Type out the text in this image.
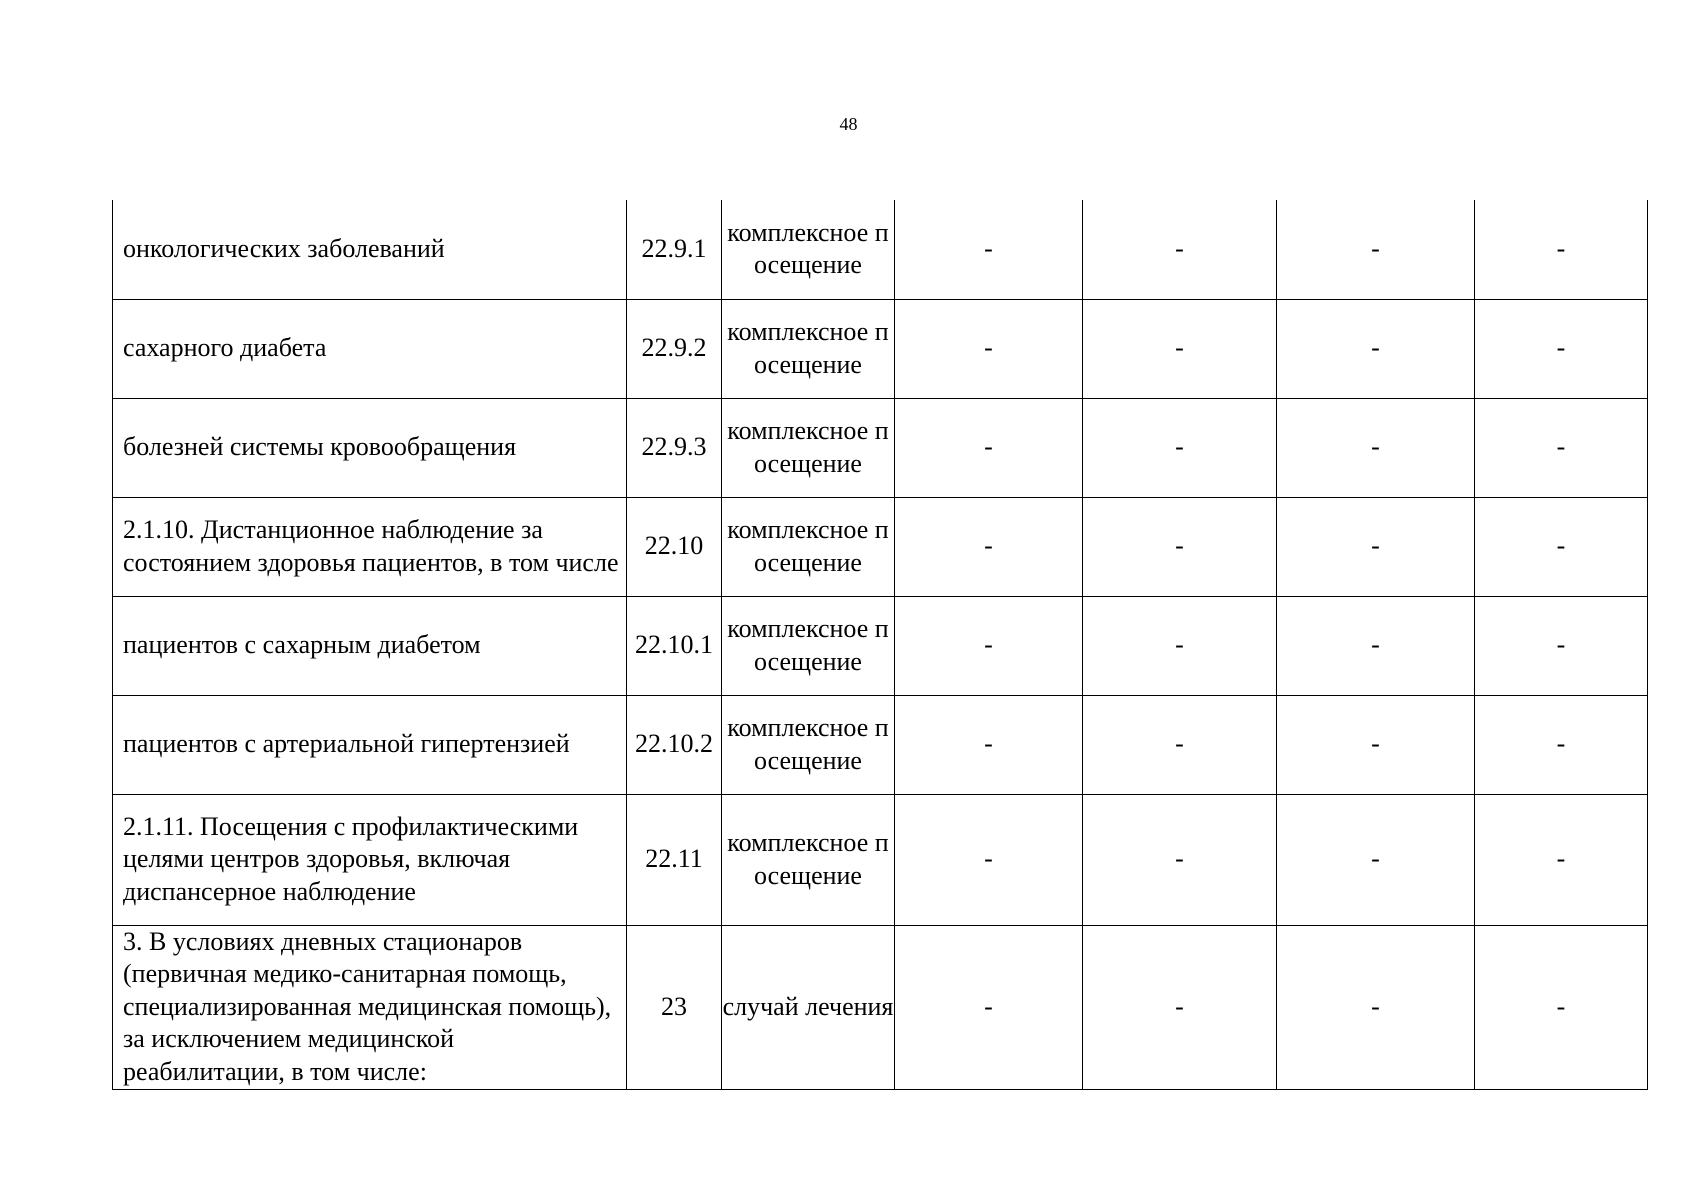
48
онкологических заболеваний	22.9.1	комплексное посещение	-	-	-	-
сахарного диабета	22.9.2	комплексное посещение	-	-	-	-
болезней системы кровообращения	22.9.3	комплексное посещение	-	-	-	-
2.1.10. Дистанционное наблюдение за состоянием здоровья пациентов, в том числе	22.10	комплексное посещение	-	-	-	-
пациентов с сахарным диабетом	22.10.1	комплексное посещение	-	-	-	-
пациентов с артериальной гипертензией	22.10.2	комплексное посещение	-	-	-	-
2.1.11. Посещения с профилактическими целями центров здоровья, включая диспансерное наблюдение	22.11	комплексное посещение	-	-	-	-
3. В условиях дневных стационаров (первичная медико-санитарная помощь, специализированная медицинская помощь), за исключением медицинской реабилитации, в том числе:	23	случай лечения	-	-	-	-
